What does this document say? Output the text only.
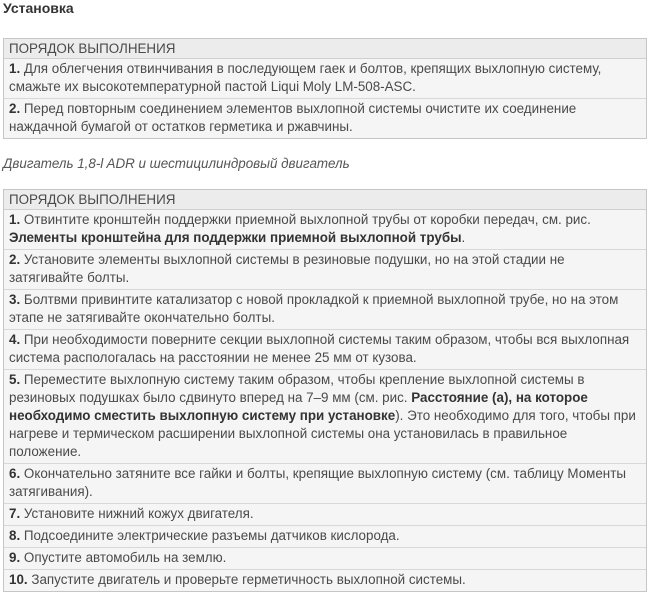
Установка
ПОРЯДОК ВЫПОЛНЕНИЯ
1. Для облегчения отвинчивания в последующем гаек и болтов, крепящих выхлопную систему, смажьте их высокотемпературной пастой Liqui Moly LM-508-ASC.
2. Перед повторным соединением элементов выхлопной системы очистите их соединение наждачной бумагой от остатков герметика и ржавчины.
Двигатель 1,8-l ADR и шестицилиндровый двигатель
ПОРЯДОК ВЫПОЛНЕНИЯ
1. Отвинтите кронштейн поддержки приемной выхлопной трубы от коробки передач, см. рис. Элементы кронштейна для поддержки приемной выхлопной трубы.
2. Установите элементы выхлопной системы в резиновые подушки, но на этой стадии не затягивайте болты.
3. Болтвми привинтите катализатор с новой прокладкой к приемной выхлопной трубе, но на этом этапе не затягивайте окончательно болты.
4. При необходимости поверните секции выхлопной системы таким образом, чтобы вся выхлопная система распологалась на расстоянии не менее 25 мм от кузова.
5. Переместите выхлопную систему таким образом, чтобы крепление выхлопной системы в резиновых подушках было сдвинуто вперед на 7–9 мм (см. рис. Расстояние (а), на которое необходимо сместить выхлопную систему при установке). Это необходимо для того, чтобы при нагреве и термическом расширении выхлопной системы она установилась в правильное положение.
6. Окончательно затяните все гайки и болты, крепящие выхлопную систему (см. таблицу Моменты затягивания).
7. Установите нижний кожух двигателя.
8. Подсоедините электрические разъемы датчиков кислорода.
9. Опустите автомобиль на землю.
10. Запустите двигатель и проверьте герметичность выхлопной системы.
